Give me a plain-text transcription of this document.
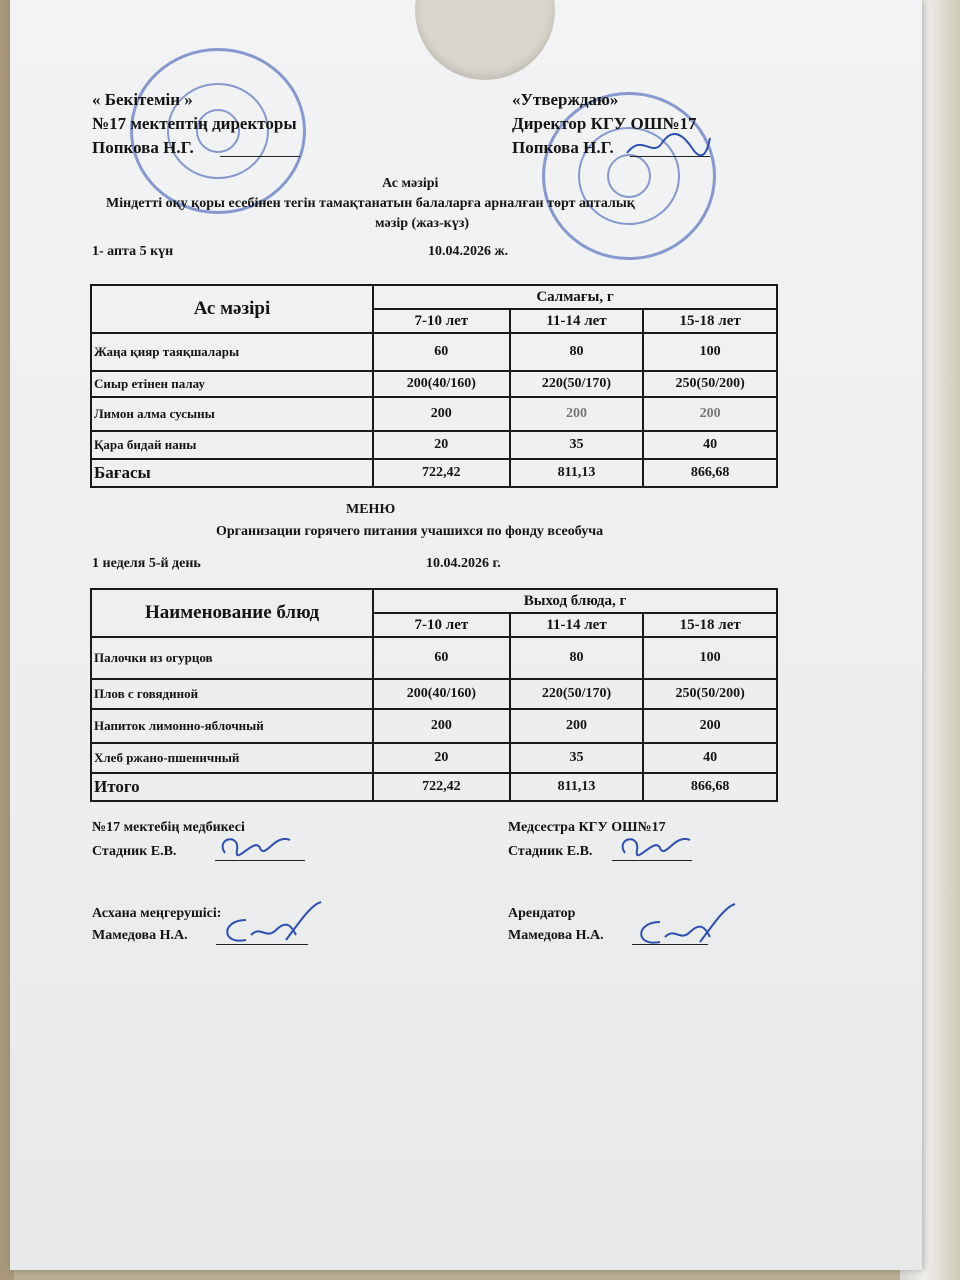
« Бекітемін »
№17 мектептің директоры
Попкова Н.Г.
«Утверждаю»
Директор КГУ ОШ№17
Попкова Н.Г.
Ас мәзірі
Міндетті оқу қоры есебінен тегін тамақтанатын балаларға арналған төрт апталық
мәзір (жаз-күз)
1- апта 5 күн	10.04.2026 ж.
Ас мәзірі	Салмағы, г		
	7-10 лет	11-14 лет	15-18 лет
Жаңа қияр таяқшалары	60	80	100
Сиыр етінен палау	200(40/160)	220(50/170)	250(50/200)
Лимон алма сусыны	200	200	200
Қара бидай наны	20	35	40
Бағасы	722,42	811,13	866,68
МЕНЮ
Организации горячего питания учашихся по фонду всеобуча
1 неделя 5-й день	10.04.2026 г.
Наименование блюд	Выход блюда, г		
	7-10 лет	11-14 лет	15-18 лет
Палочки из огурцов	60	80	100
Плов с говядиной	200(40/160)	220(50/170)	250(50/200)
Напиток лимонно-яблочный	200	200	200
Хлеб ржано-пшеничный	20	35	40
Итого	722,42	811,13	866,68
№17 мектебің медбикесі
Стадник Е.В.
Медсестра КГУ ОШ№17
Стадник Е.В.
Асхана меңгерушісі:
Мамедова Н.А.
Арендатор
Мамедова Н.А.
